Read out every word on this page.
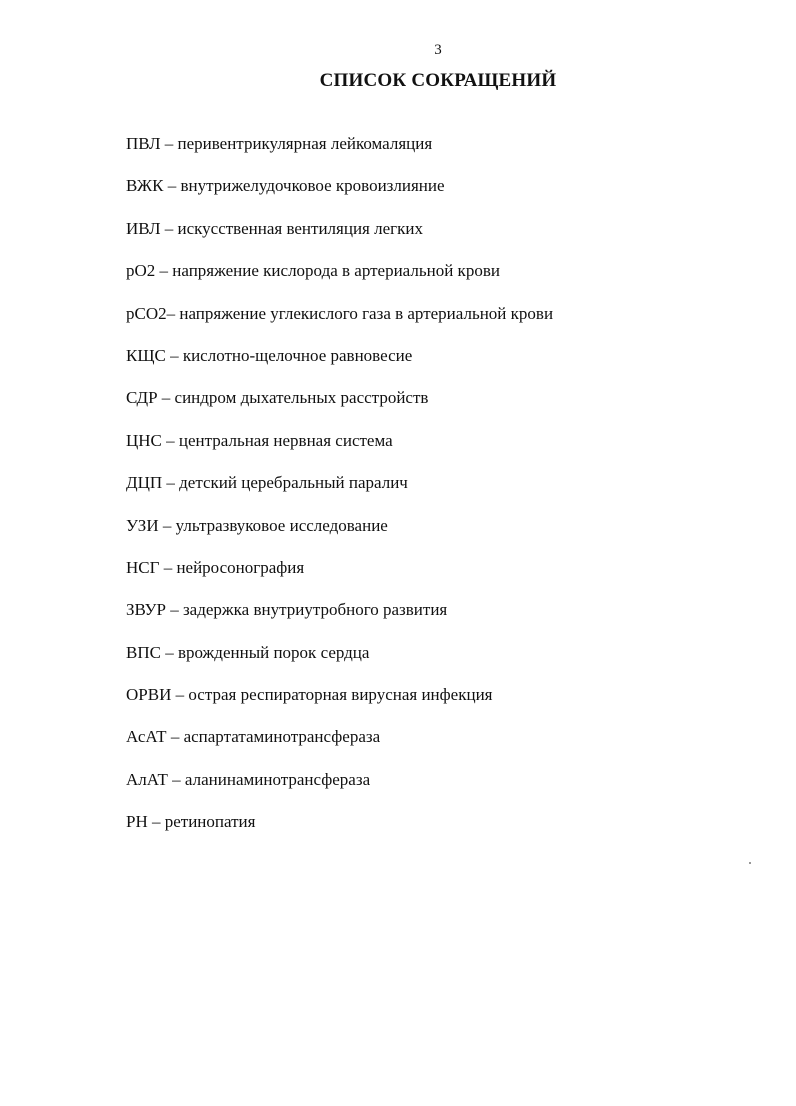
3
СПИСОК СОКРАЩЕНИЙ
ПВЛ – перивентрикулярная лейкомаляция
ВЖК – внутрижелудочковое кровоизлияние
ИВЛ – искусственная вентиляция легких
pO2 – напряжение кислорода в артериальной крови
pCO2– напряжение углекислого газа в артериальной крови
КЩС – кислотно-щелочное равновесие
СДР – синдром дыхательных расстройств
ЦНС – центральная нервная система
ДЦП – детский церебральный паралич
УЗИ – ультразвуковое исследование
НСГ – нейросонография
ЗВУР – задержка внутриутробного развития
ВПС – врожденный порок сердца
ОРВИ – острая респираторная вирусная инфекция
АсАТ – аспартатаминотрансфераза
АлАТ – аланинаминотрансфераза
РН – ретинопатия
